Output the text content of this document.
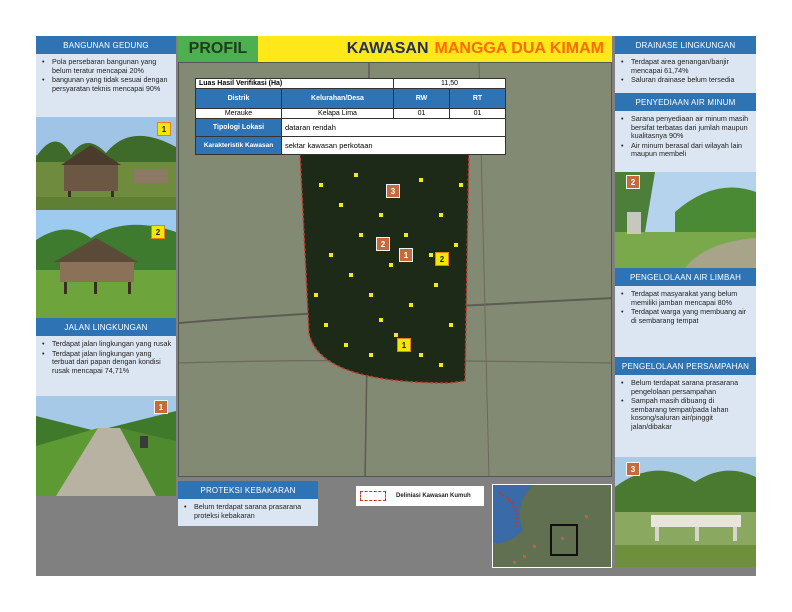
PROFIL	KAWASAN MANGGA DUA KIMAM
BANGUNAN GEDUNG
• Pola persebaran bangunan yang belum teratur mencapai 20%
• bangunan yang tidak sesuai dengan persyaratan teknis mencapai 90%
1
2
JALAN LINGKUNGAN
• Terdapat jalan lingkungan yang rusak
• Terdapat jalan lingkungan yang terbuat dari papan dengan kondisi rusak mencapai 74,71%
1
Luas Hasil Verifikasi (Ha)		11,50	
Distrik	Kelurahan/Desa	RW	RT
Merauke	Kelapa Lima	01	01
Tipologi Lokasi	dataran rendah		
Karakteristik Kawasan	sektar kawasan perkotaan		
3
2
1	2
1
PROTEKSI KEBAKARAN
• Belum terdapat sarana prasarana proteksi kebakaran
Deliniasi Kawasan Kumuh
DRAINASE LINGKUNGAN
• Terdapat area genangan/banjir mencapai 61,74%
• Saluran drainase belum tersedia
PENYEDIAAN AIR MINUM
• Sarana penyediaan air minum masih bersifat terbatas dari jumlah maupun kualitasnya 90%
• Air minum berasal dari wilayah lain maupun membeli
2
PENGELOLAAN AIR LIMBAH
• Terdapat masyarakat yang belum memiliki jamban mencapai 80%
• Terdapat warga yang membuang air di sembarang tempat
PENGELOLAAN PERSAMPAHAN
• Belum terdapat sarana prasarana pengelolaan persampahan
• Sampah masih dibuang di sembarang tempat/pada lahan kosong/saluran air/pinggit jalan/dibakar
3
